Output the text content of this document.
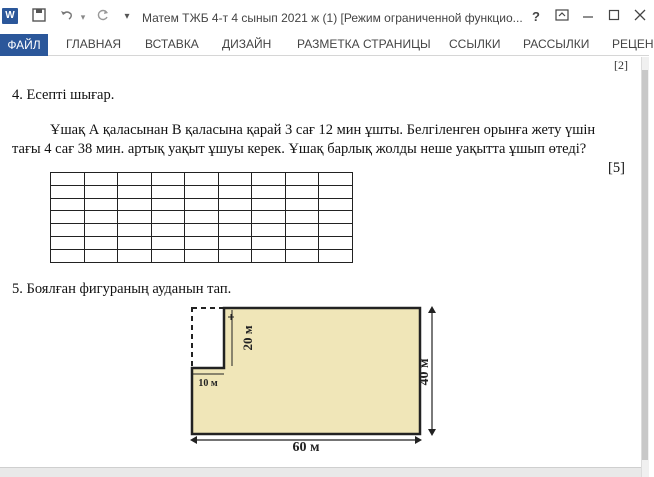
W	▾	▾	Матем ТЖБ 4-т 4 сынып 2021 ж (1) [Режим ограниченной функцио... ?
ФАЙЛ	ГЛАВНАЯ ВСТАВКА ДИЗАЙН РАЗМЕТКА СТРАНИЦЫ ССЫЛКИ РАССЫЛКИ РЕЦЕН
[2]
4. Есепті шығар.
Ұшақ А қаласынан В қаласына қарай 3 сағ 12 мин ұшты. Белгіленген орынға жету үшін
тағы 4 сағ 38 мин. артық уақыт ұшуы керек. Ұшақ барлық жолды неше уақытта ұшып өтеді?
[5]
5. Боялған фигураның ауданын тап.

10 м
20 м
40 м
60 м
